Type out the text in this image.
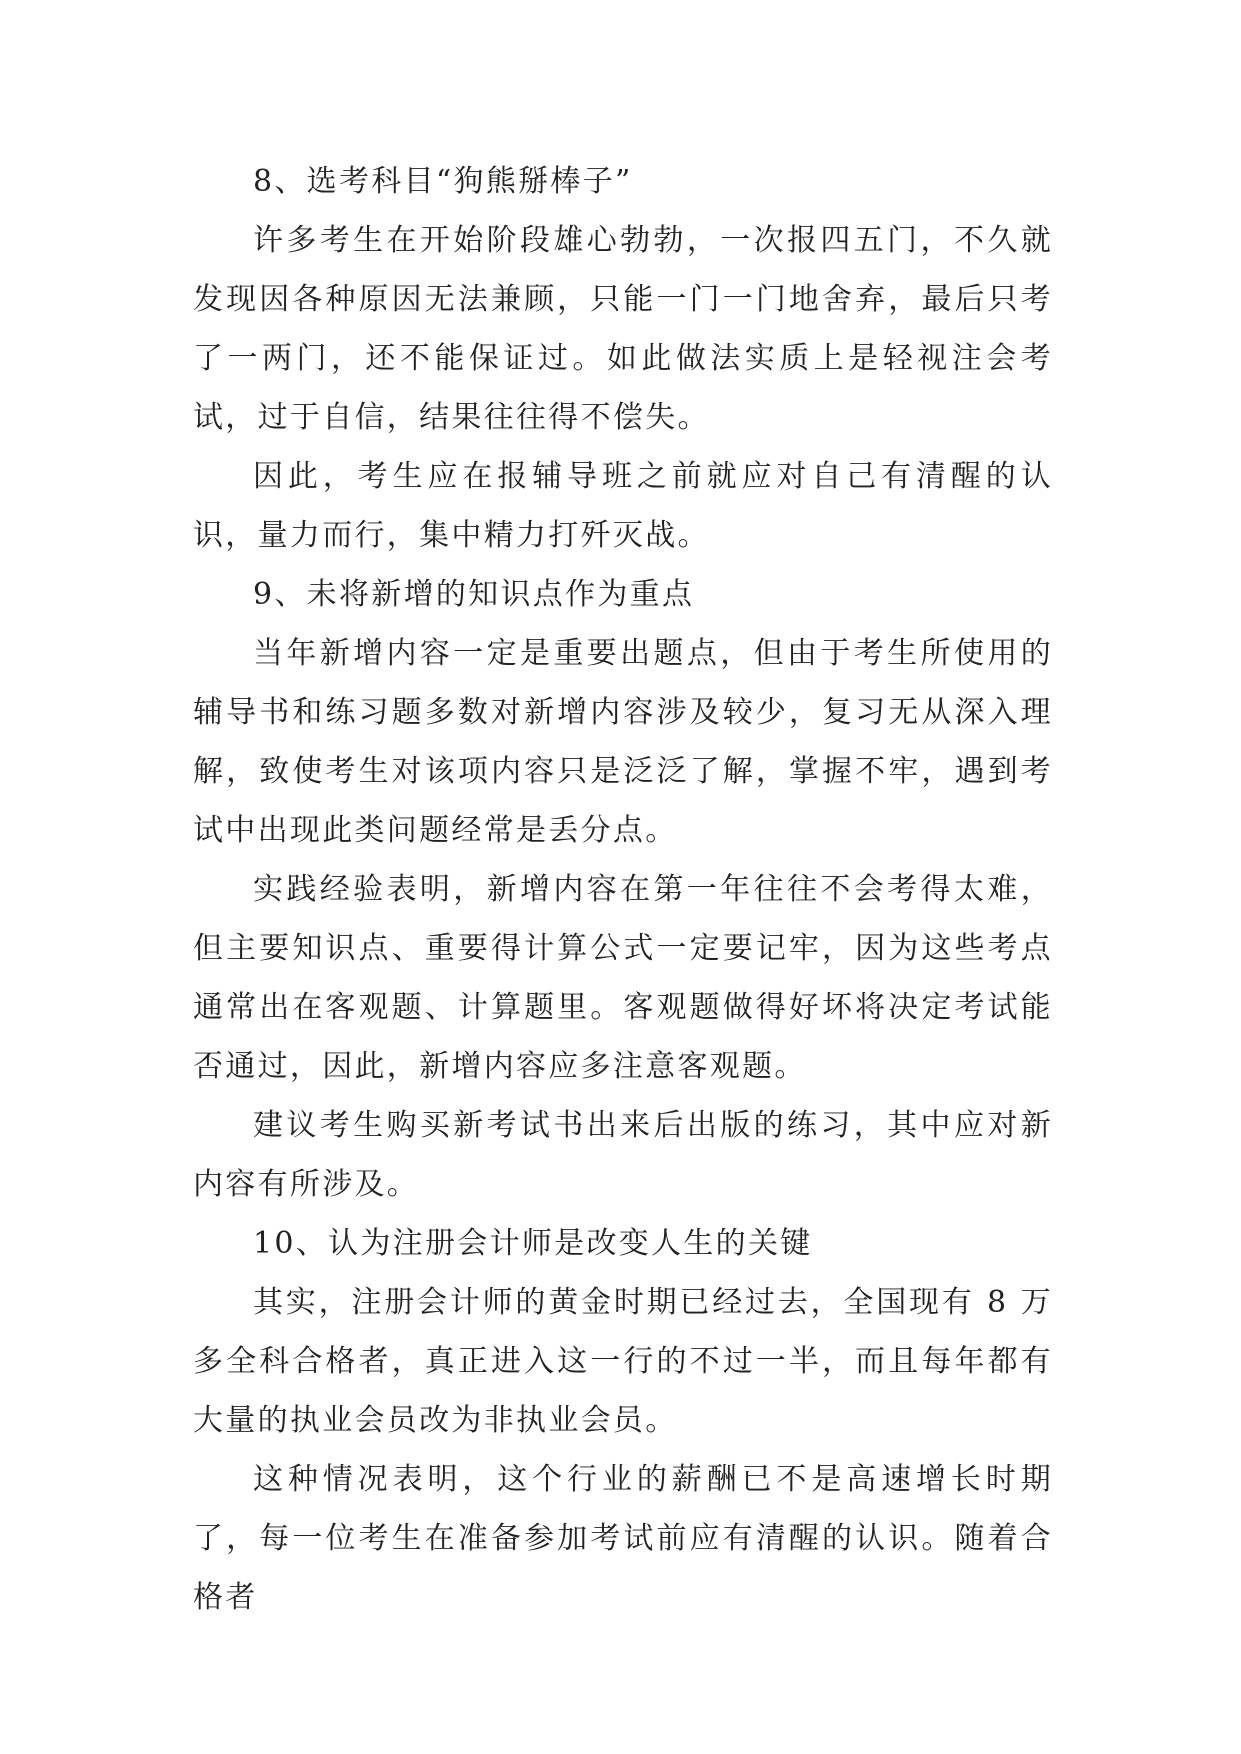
8、选考科目“狗熊掰棒子”

许多考生在开始阶段雄心勃勃，一次报四五门，不久就发现因各种原因无法兼顾，只能一门一门地舍弃，最后只考了一两门，还不能保证过。如此做法实质上是轻视注会考试，过于自信，结果往往得不偿失。

因此，考生应在报辅导班之前就应对自己有清醒的认识，量力而行，集中精力打歼灭战。

9、未将新增的知识点作为重点

当年新增内容一定是重要出题点，但由于考生所使用的辅导书和练习题多数对新增内容涉及较少，复习无从深入理解，致使考生对该项内容只是泛泛了解，掌握不牢，遇到考试中出现此类问题经常是丢分点。

实践经验表明，新增内容在第一年往往不会考得太难，但主要知识点、重要得计算公式一定要记牢，因为这些考点通常出在客观题、计算题里。客观题做得好坏将决定考试能否通过，因此，新增内容应多注意客观题。

建议考生购买新考试书出来后出版的练习，其中应对新内容有所涉及。

10、认为注册会计师是改变人生的关键

其实，注册会计师的黄金时期已经过去，全国现有 8 万多全科合格者，真正进入这一行的不过一半，而且每年都有大量的执业会员改为非执业会员。

这种情况表明，这个行业的薪酬已不是高速增长时期了，每一位考生在准备参加考试前应有清醒的认识。随着合格者
